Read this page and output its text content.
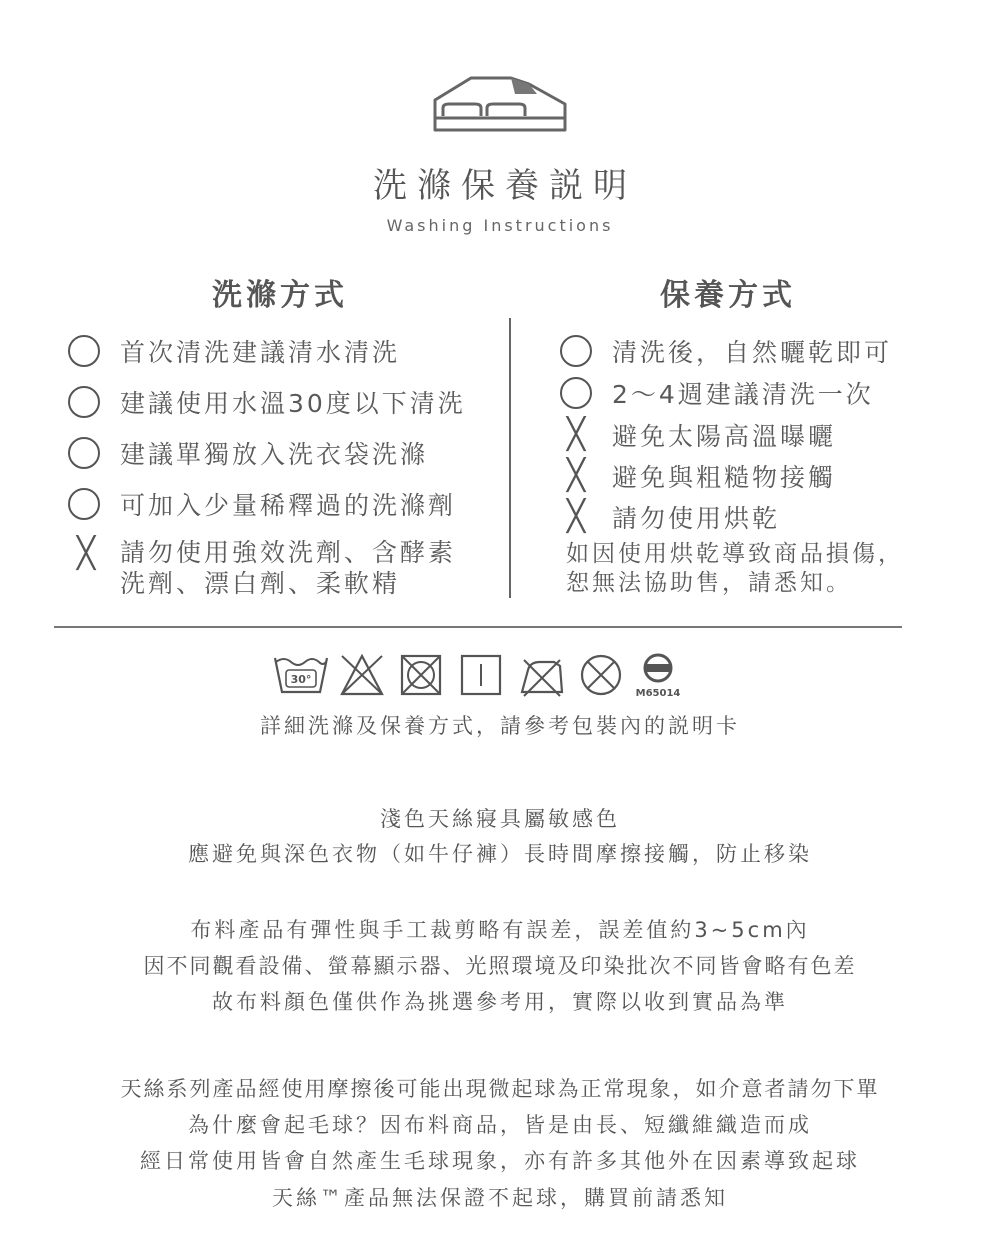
洗滌保養説明
Washing Instructions
洗滌方式	保養方式
首次清洗建議清水清洗
建議使用水溫30度以下清洗
建議單獨放入洗衣袋洗滌
可加入少量稀釋過的洗滌劑
╳ 請勿使用強效洗劑、含酵素
洗劑、漂白劑、柔軟精
清洗後，自然曬乾即可
2～4週建議清洗一次
╳ 避免太陽高溫曝曬
╳ 避免與粗糙物接觸
╳ 請勿使用烘乾
如因使用烘乾導致商品損傷，
恕無法協助售，請悉知。
30°
M65014
詳細洗滌及保養方式，請參考包裝內的説明卡
淺色天絲寢具屬敏感色
應避免與深色衣物（如牛仔褲）長時間摩擦接觸，防止移染
布料產品有彈性與手工裁剪略有誤差，誤差值約3~5cm內
因不同觀看設備、螢幕顯示器、光照環境及印染批次不同皆會略有色差
故布料顏色僅供作為挑選參考用，實際以收到實品為準
天絲系列產品經使用摩擦後可能出現微起球為正常現象，如介意者請勿下單
為什麼會起毛球？因布料商品，皆是由長、短纖維織造而成
經日常使用皆會自然產生毛球現象，亦有許多其他外在因素導致起球
天絲™產品無法保證不起球，購買前請悉知
